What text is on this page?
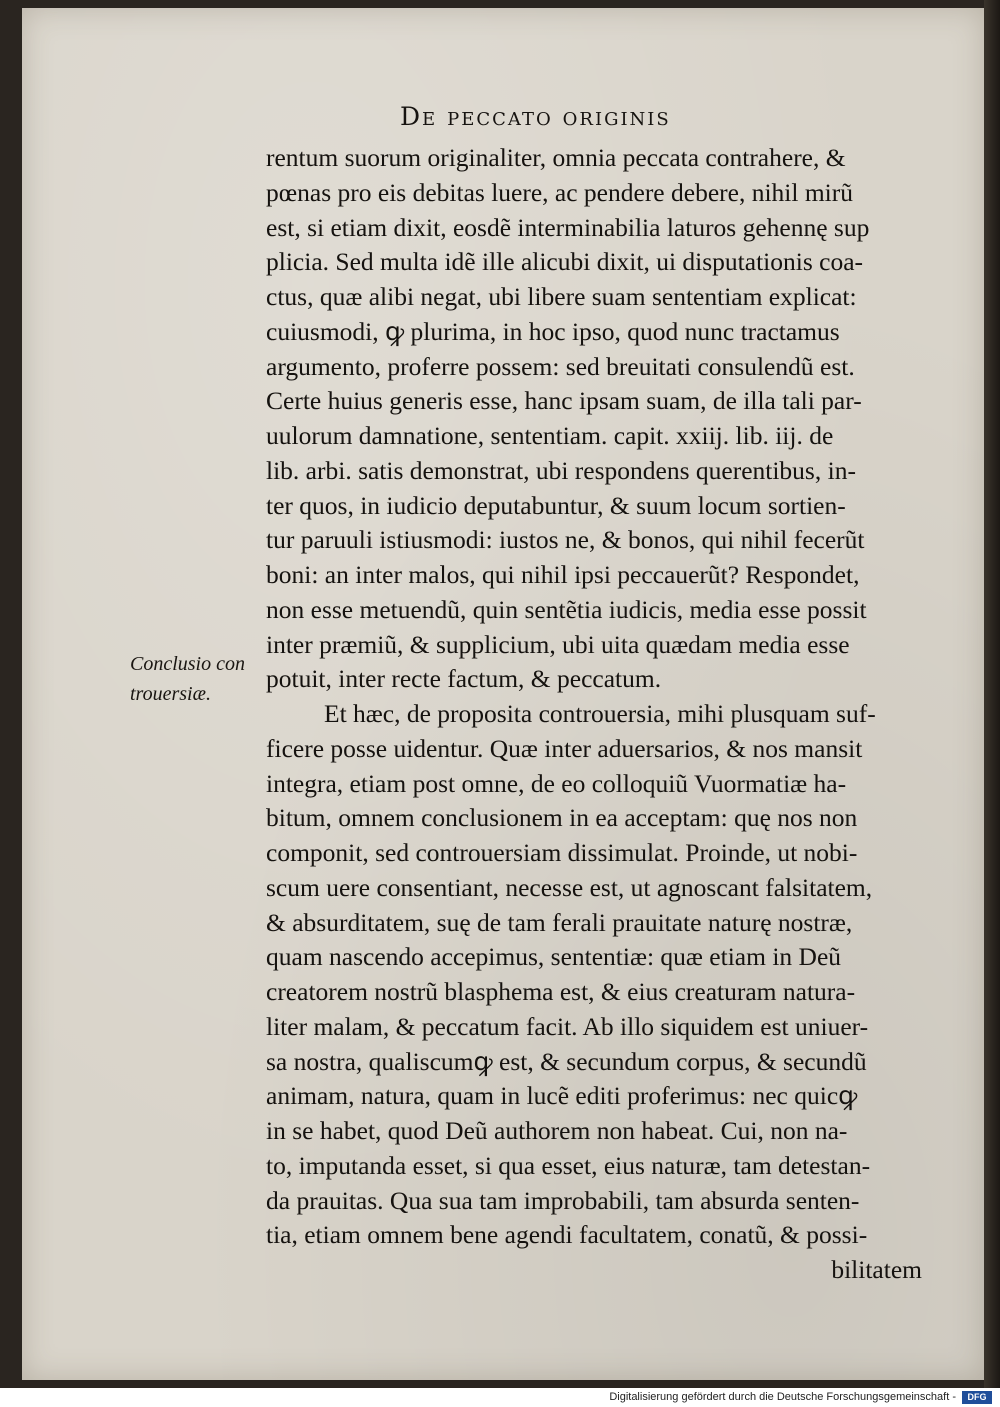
De peccato originis
Conclusio con
trouersiæ.
rentum suorum originaliter, omnia peccata contrahere, &
pœnas pro eis debitas luere, ac pendere debere, nihil mirũ
est, si etiam dixit, eosdẽ interminabilia laturos gehennę sup
plicia. Sed multa idẽ ille alicubi dixit, ui disputationis coa-
ctus, quæ alibi negat, ubi libere suam sententiam explicat:
cuiusmodi, ꝙ plurima, in hoc ipso, quod nunc tractamus
argumento, proferre possem: sed breuitati consulendũ est.
Certe huius generis esse, hanc ipsam suam, de illa tali par-
uulorum damnatione, sententiam. capit. xxiij. lib. iij. de
lib. arbi. satis demonstrat, ubi respondens querentibus, in-
ter quos, in iudicio deputabuntur, & suum locum sortien-
tur paruuli istiusmodi: iustos ne, & bonos, qui nihil fecerũt
boni: an inter malos, qui nihil ipsi peccauerũt? Respondet,
non esse metuendũ, quin sentẽtia iudicis, media esse possit
inter præmiũ, & supplicium, ubi uita quædam media esse
potuit, inter recte factum, & peccatum.
Et hæc, de proposita controuersia, mihi plusquam suf-
ficere posse uidentur. Quæ inter aduersarios, & nos mansit
integra, etiam post omne, de eo colloquiũ Vuormatiæ ha-
bitum, omnem conclusionem in ea acceptam: quę nos non
componit, sed controuersiam dissimulat. Proinde, ut nobi-
scum uere consentiant, necesse est, ut agnoscant falsitatem,
& absurditatem, suę de tam ferali prauitate naturę nostræ,
quam nascendo accepimus, sententiæ: quæ etiam in Deũ
creatorem nostrũ blasphema est, & eius creaturam natura-
liter malam, & peccatum facit. Ab illo siquidem est uniuer-
sa nostra, qualiscumꝙ est, & secundum corpus, & secundũ
animam, natura, quam in lucẽ editi proferimus: nec quicꝙ
in se habet, quod Deũ authorem non habeat. Cui, non na-
to, imputanda esset, si qua esset, eius naturæ, tam detestan-
da prauitas. Qua sua tam improbabili, tam absurda senten-
tia, etiam omnem bene agendi facultatem, conatũ, & possi-
bilitatem
Digitalisierung gefördert durch die Deutsche Forschungsgemeinschaft -	DFG
